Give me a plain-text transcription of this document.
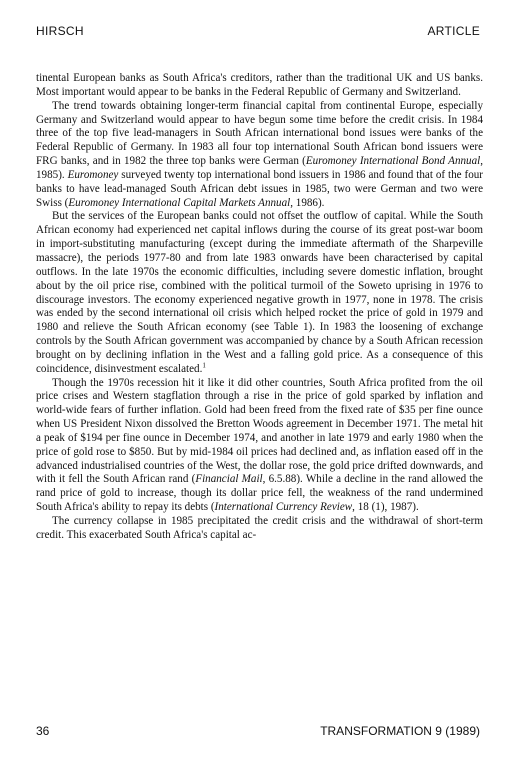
HIRSCH	ARTICLE

tinental European banks as South Africa's creditors, rather than the traditional UK and US banks. Most important would appear to be banks in the Federal Republic of Germany and Switzerland.

The trend towards obtaining longer-term financial capital from continental Europe, especially Germany and Switzerland would appear to have begun some time before the credit crisis. In 1984 three of the top five lead-managers in South African international bond issues were banks of the Federal Republic of Germany. In 1983 all four top international South African bond issuers were FRG banks, and in 1982 the three top banks were German (Euromoney International Bond Annual, 1985). Euromoney surveyed twenty top international bond issuers in 1986 and found that of the four banks to have lead-managed South African debt issues in 1985, two were German and two were Swiss (Euromoney International Capital Markets Annual, 1986).

But the services of the European banks could not offset the outflow of capital. While the South African economy had experienced net capital inflows during the course of its great post-war boom in import-substituting manufacturing (except during the immediate aftermath of the Sharpeville massacre), the periods 1977-80 and from late 1983 onwards have been characterised by capital outflows. In the late 1970s the economic difficulties, including severe domestic inflation, brought about by the oil price rise, combined with the political turmoil of the Soweto uprising in 1976 to discourage investors. The economy experienced negative growth in 1977, none in 1978. The crisis was ended by the second international oil crisis which helped rocket the price of gold in 1979 and 1980 and relieve the South African economy (see Table 1). In 1983 the loosening of exchange controls by the South African government was accompanied by chance by a South African recession brought on by declining inflation in the West and a falling gold price. As a consequence of this coincidence, disinvestment escalated.$^1$

Though the 1970s recession hit it like it did other countries, South Africa profited from the oil price crises and Western stagflation through a rise in the price of gold sparked by inflation and world-wide fears of further inflation. Gold had been freed from the fixed rate of $35 per fine ounce when US President Nixon dissolved the Bretton Woods agreement in December 1971. The metal hit a peak of $194 per fine ounce in December 1974, and another in late 1979 and early 1980 when the price of gold rose to $850. But by mid-1984 oil prices had declined and, as inflation eased off in the advanced industrialised countries of the West, the dollar rose, the gold price drifted downwards, and with it fell the South African rand (Financial Mail, 6.5.88). While a decline in the rand allowed the rand price of gold to increase, though its dollar price fell, the weakness of the rand undermined South Africa's ability to repay its debts (International Currency Review, 18 (1), 1987).

The currency collapse in 1985 precipitated the credit crisis and the withdrawal of short-term credit. This exacerbated South Africa's capital ac-

36	TRANSFORMATION 9 (1989)
